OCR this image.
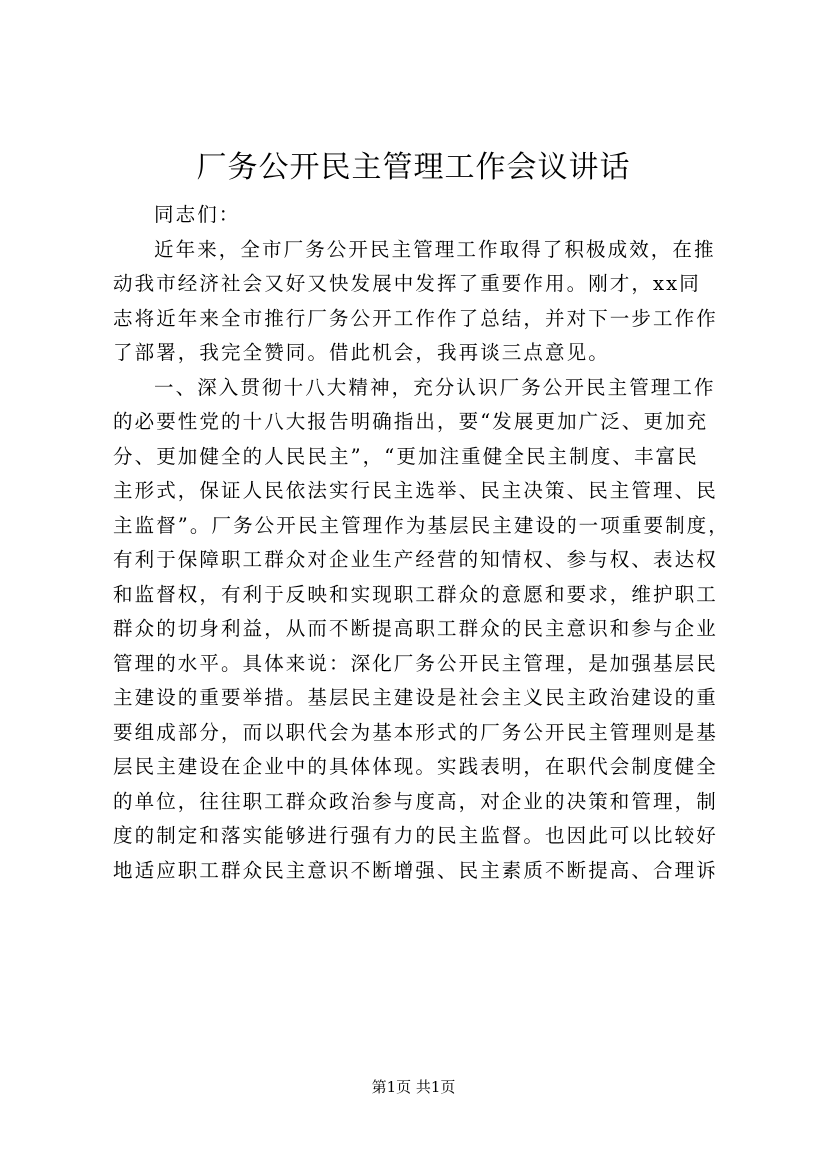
厂务公开民主管理工作会议讲话
同志们：
近年来，全市厂务公开民主管理工作取得了积极成效，在推
动我市经济社会又好又快发展中发挥了重要作用。刚才，xx同
志将近年来全市推行厂务公开工作作了总结，并对下一步工作作
了部署，我完全赞同。借此机会，我再谈三点意见。
一、深入贯彻十八大精神，充分认识厂务公开民主管理工作
的必要性党的十八大报告明确指出，要“发展更加广泛、更加充
分、更加健全的人民民主”，“更加注重健全民主制度、丰富民
主形式，保证人民依法实行民主选举、民主决策、民主管理、民
主监督”。厂务公开民主管理作为基层民主建设的一项重要制度，
有利于保障职工群众对企业生产经营的知情权、参与权、表达权
和监督权，有利于反映和实现职工群众的意愿和要求，维护职工
群众的切身利益，从而不断提高职工群众的民主意识和参与企业
管理的水平。具体来说：深化厂务公开民主管理，是加强基层民
主建设的重要举措。基层民主建设是社会主义民主政治建设的重
要组成部分，而以职代会为基本形式的厂务公开民主管理则是基
层民主建设在企业中的具体体现。实践表明，在职代会制度健全
的单位，往往职工群众政治参与度高，对企业的决策和管理，制
度的制定和落实能够进行强有力的民主监督。也因此可以比较好
地适应职工群众民主意识不断增强、民主素质不断提高、合理诉
第1页 共1页
